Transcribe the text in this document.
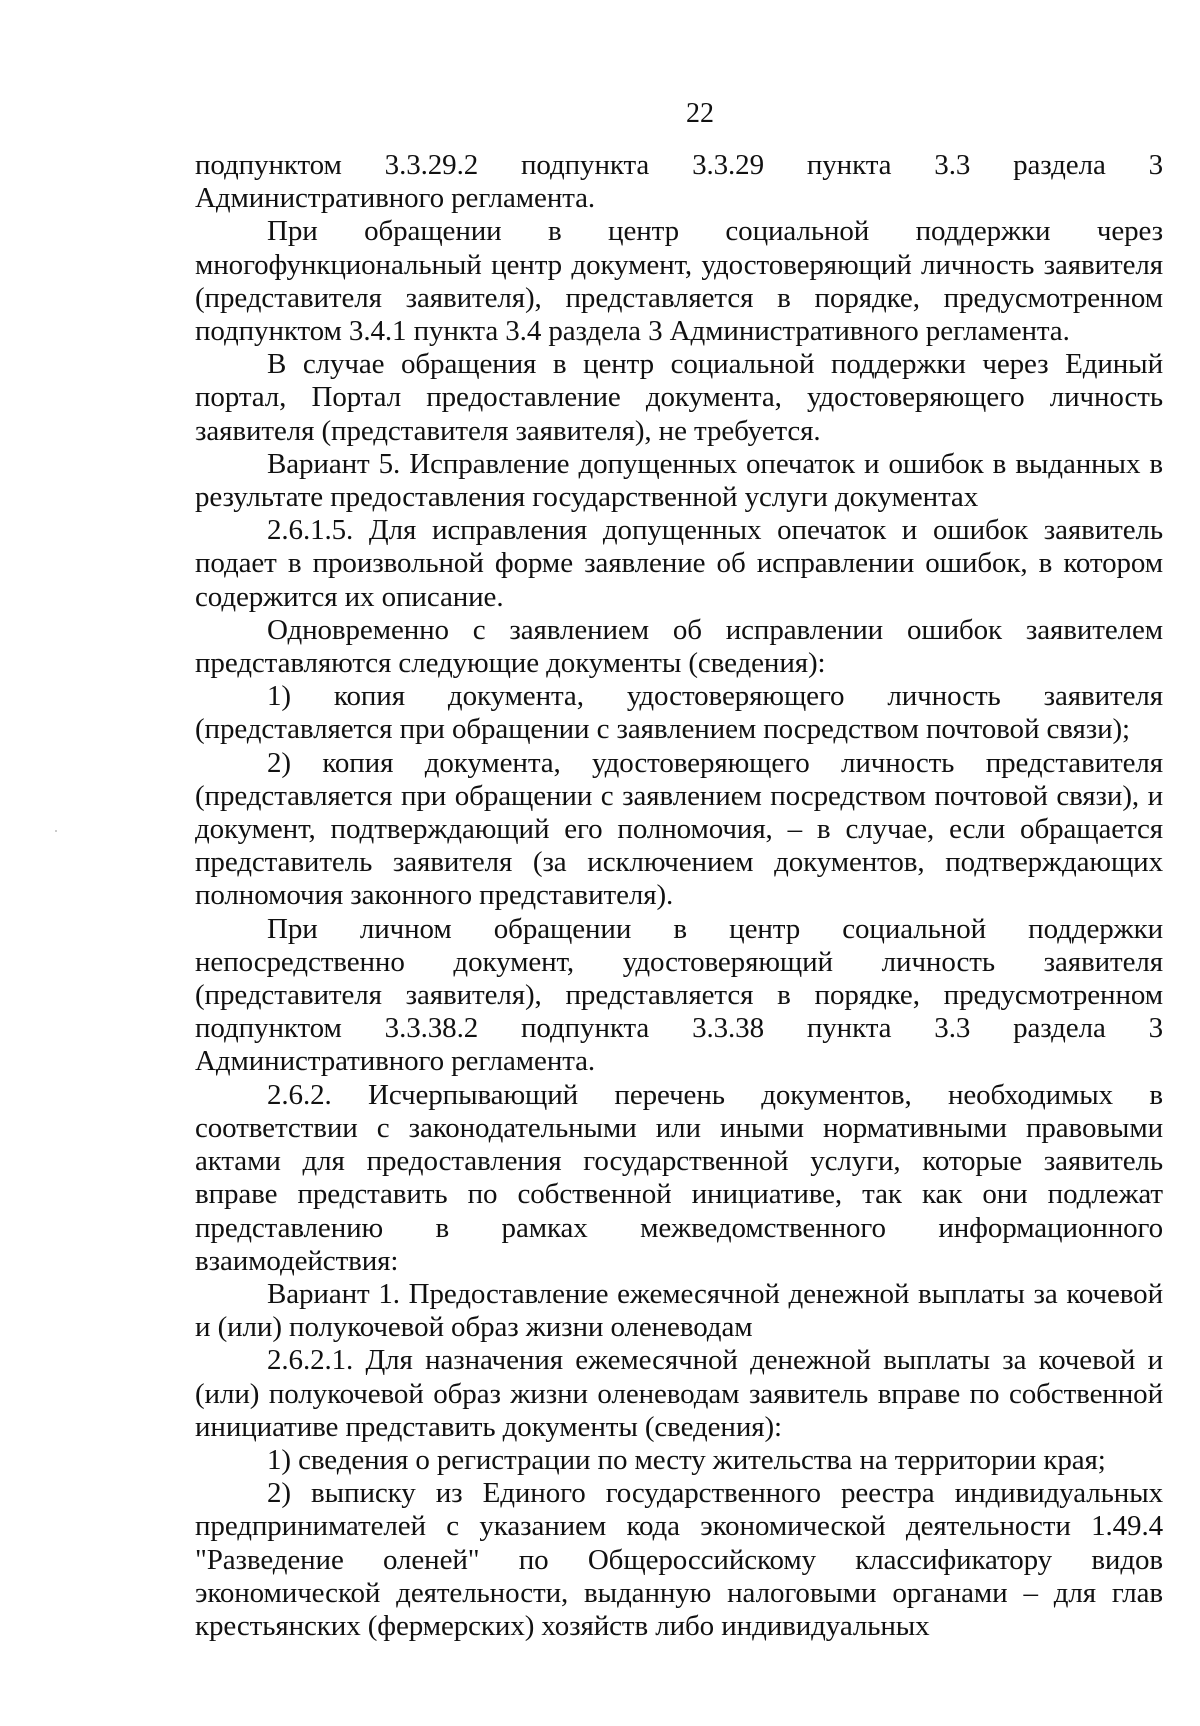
22

подпунктом 3.3.29.2 подпункта 3.3.29 пункта 3.3 раздела 3 Административного регламента.

При обращении в центр социальной поддержки через многофункциональный центр документ, удостоверяющий личность заявителя (представителя заявителя), представляется в порядке, предусмотренном подпунктом 3.4.1 пункта 3.4 раздела 3 Административного регламента.

В случае обращения в центр социальной поддержки через Единый портал, Портал предоставление документа, удостоверяющего личность заявителя (представителя заявителя), не требуется.

Вариант 5. Исправление допущенных опечаток и ошибок в выданных в результате предоставления государственной услуги документах

2.6.1.5. Для исправления допущенных опечаток и ошибок заявитель подает в произвольной форме заявление об исправлении ошибок, в котором содержится их описание.

Одновременно с заявлением об исправлении ошибок заявителем представляются следующие документы (сведения):

1) копия документа, удостоверяющего личность заявителя (представляется при обращении с заявлением посредством почтовой связи);

2) копия документа, удостоверяющего личность представителя (представляется при обращении с заявлением посредством почтовой связи), и документ, подтверждающий его полномочия, – в случае, если обращается представитель заявителя (за исключением документов, подтверждающих полномочия законного представителя).

При личном обращении в центр социальной поддержки непосредственно документ, удостоверяющий личность заявителя (представителя заявителя), представляется в порядке, предусмотренном подпунктом 3.3.38.2 подпункта 3.3.38 пункта 3.3 раздела 3 Административного регламента.

2.6.2. Исчерпывающий перечень документов, необходимых в соответствии с законодательными или иными нормативными правовыми актами для предоставления государственной услуги, которые заявитель вправе представить по собственной инициативе, так как они подлежат представлению в рамках межведомственного информационного взаимодействия:

Вариант 1. Предоставление ежемесячной денежной выплаты за кочевой и (или) полукочевой образ жизни оленеводам

2.6.2.1. Для назначения ежемесячной денежной выплаты за кочевой и (или) полукочевой образ жизни оленеводам заявитель вправе по собственной инициативе представить документы (сведения):

1) сведения о регистрации по месту жительства на территории края;

2) выписку из Единого государственного реестра индивидуальных предпринимателей с указанием кода экономической деятельности 1.49.4 "Разведение оленей" по Общероссийскому классификатору видов экономической деятельности, выданную налоговыми органами – для глав крестьянских (фермерских) хозяйств либо индивидуальных
